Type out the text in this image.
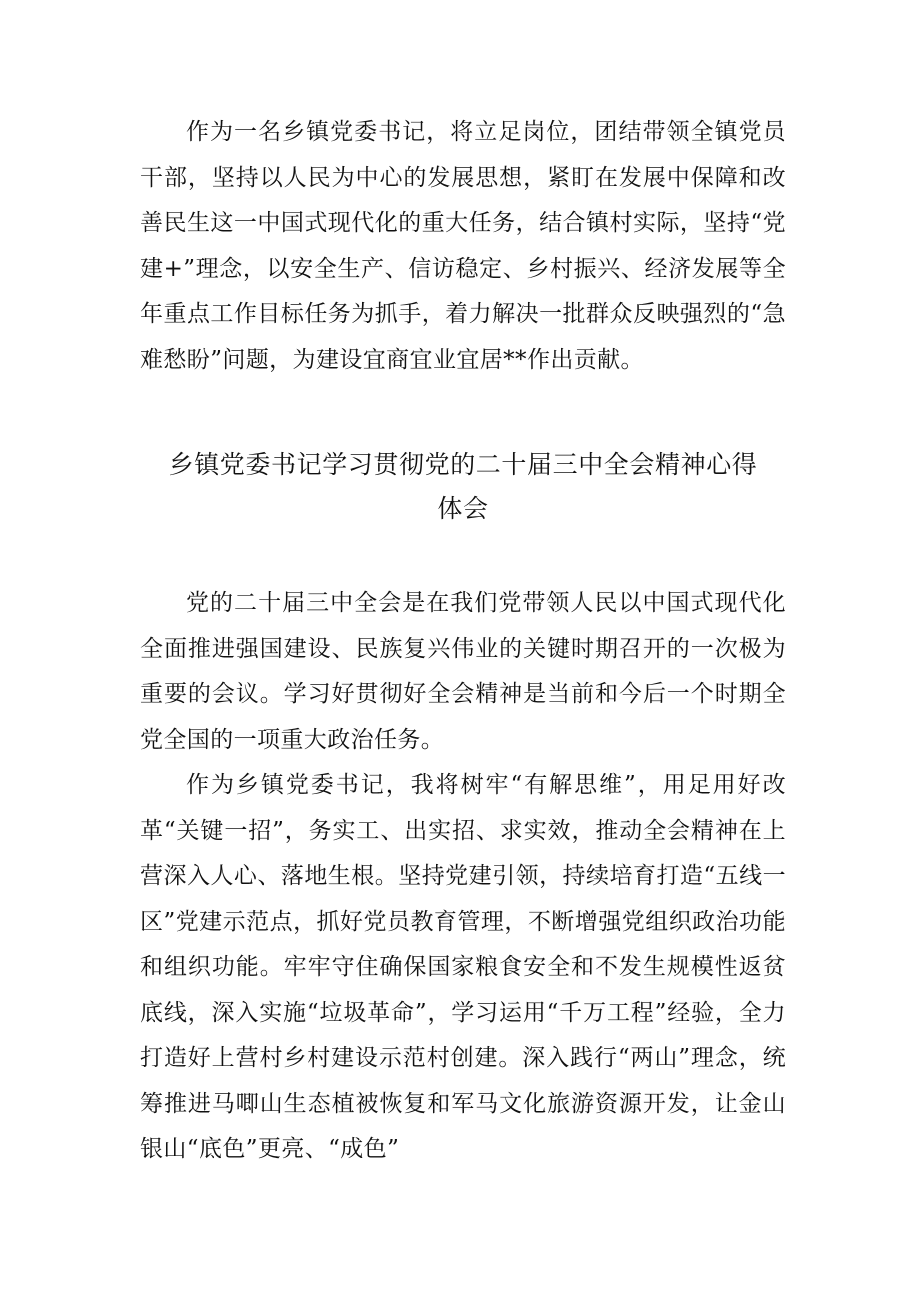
作为一名乡镇党委书记，将立足岗位，团结带领全镇党员干部，坚持以人民为中心的发展思想，紧盯在发展中保障和改善民生这一中国式现代化的重大任务，结合镇村实际，坚持“党建+”理念，以安全生产、信访稳定、乡村振兴、经济发展等全年重点工作目标任务为抓手，着力解决一批群众反映强烈的“急难愁盼”问题，为建设宜商宜业宜居**作出贡献。

乡镇党委书记学习贯彻党的二十届三中全会精神心得
体会

党的二十届三中全会是在我们党带领人民以中国式现代化全面推进强国建设、民族复兴伟业的关键时期召开的一次极为重要的会议。学习好贯彻好全会精神是当前和今后一个时期全党全国的一项重大政治任务。

作为乡镇党委书记，我将树牢“有解思维”，用足用好改革“关键一招”，务实工、出实招、求实效，推动全会精神在上营深入人心、落地生根。坚持党建引领，持续培育打造“五线一区”党建示范点，抓好党员教育管理，不断增强党组织政治功能和组织功能。牢牢守住确保国家粮食安全和不发生规模性返贫底线，深入实施“垃圾革命”，学习运用“千万工程”经验，全力打造好上营村乡村建设示范村创建。深入践行“两山”理念，统筹推进马唧山生态植被恢复和军马文化旅游资源开发，让金山银山“底色”更亮、“成色”
